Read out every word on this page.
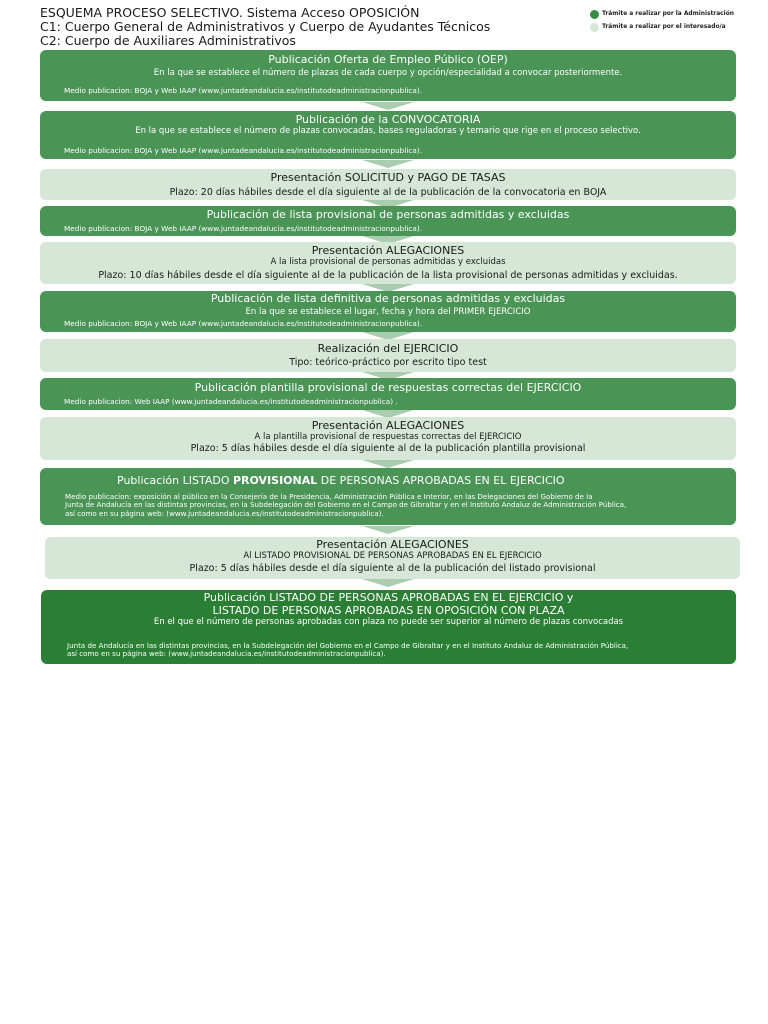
ESQUEMA PROCESO SELECTIVO. Sistema Acceso OPOSICIÓN
C1: Cuerpo General de Administrativos y Cuerpo de Ayudantes Técnicos
C2: Cuerpo de Auxiliares Administrativos
Trámite a realizar por la Administración
Trámite a realizar por el interesado/a
Publicación Oferta de Empleo Público (OEP)
En la que se establece el número de plazas de cada cuerpo y opción/especialidad a convocar posteriormente.
Medio publicacion: BOJA y Web IAAP (www.juntadeandalucia.es/institutodeadministracionpublica).
Publicación de la CONVOCATORIA
En la que se establece el número de plazas convocadas, bases reguladoras y temario que rige en el proceso selectivo.
Medio publicacion: BOJA y Web IAAP (www.juntadeandalucia.es/institutodeadministracionpublica).
Presentación SOLICITUD y PAGO DE TASAS
Plazo: 20 días hábiles desde el día siguiente al de la publicación de la convocatoria en BOJA
Publicación de lista provisional de personas admitidas y excluidas
Medio publicacion: BOJA y Web IAAP (www.juntadeandalucia.es/institutodeadministracionpublica).
Presentación ALEGACIONES
A la lista provisional de personas admitidas y excluidas
Plazo: 10 días hábiles desde el día siguiente al de la publicación de la lista provisional de personas admitidas y excluidas.
Publicación de lista definitiva de personas admitidas y excluidas
En la que se establece el lugar, fecha y hora del PRIMER EJERCICIO
Medio publicacion: BOJA y Web IAAP (www.juntadeandalucia.es/institutodeadministracionpublica).
Realización del EJERCICIO
Tipo: teórico-práctico por escrito tipo test
Publicación plantilla provisional de respuestas correctas del EJERCICIO
Medio publicacion: Web IAAP (www.juntadeandalucia.es/institutodeadministracionpublica) .
Presentación ALEGACIONES
A la plantilla provisional de respuestas correctas del EJERCICIO
Plazo: 5 días hábiles desde el día siguiente al de la publicación plantilla provisional
Publicación LISTADO PROVISIONAL DE PERSONAS APROBADAS EN EL EJERCICIO
Medio publicacion: exposición al público en la Consejería de la Presidencia, Administración Pública e Interior, en las Delegaciones del Gobierno de la
Junta de Andalucía en las distintas provincias, en la Subdelegación del Gobierno en el Campo de Gibraltar y en el Instituto Andaluz de Administración Pública,
así como en su página web: (www.juntadeandalucia.es/institutodeadministracionpublica).
Presentación ALEGACIONES
Al LISTADO PROVISIONAL DE PERSONAS APROBADAS EN EL EJERCICIO
Plazo: 5 días hábiles desde el día siguiente al de la publicación del listado provisional
Publicación LISTADO DE PERSONAS APROBADAS EN EL EJERCICIO y
LISTADO DE PERSONAS APROBADAS EN OPOSICIÓN CON PLAZA
En el que el número de personas aprobadas con plaza no puede ser superior al número de plazas convocadas
Junta de Andalucía en las distintas provincias, en la Subdelegación del Gobierno en el Campo de Gibraltar y en el Instituto Andaluz de Administración Pública,
así como en su página web: (www.juntadeandalucia.es/institutodeadministracionpublica).
